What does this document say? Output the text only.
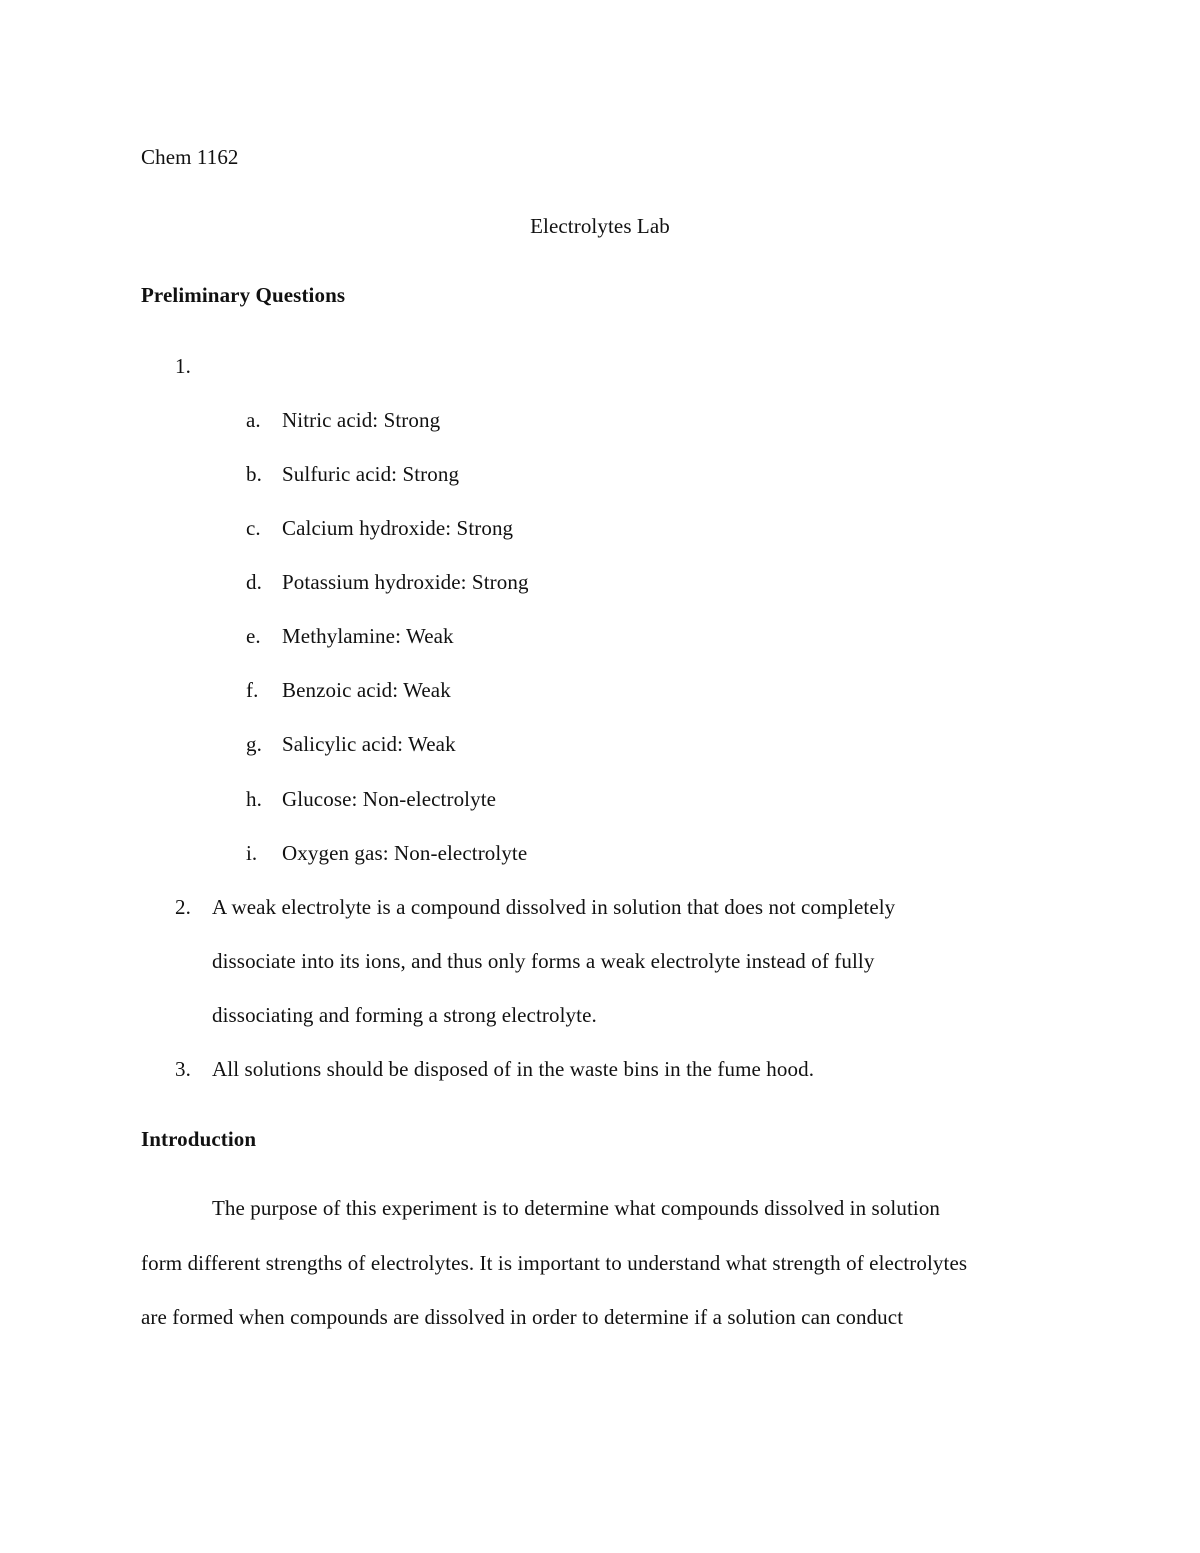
Chem 1162
Electrolytes Lab
Preliminary Questions
1.
a.	Nitric acid: Strong
b. Sulfuric acid: Strong
c.	Calcium hydroxide: Strong
d. Potassium hydroxide: Strong
e.	Methylamine: Weak
f.	Benzoic acid: Weak
g. Salicylic acid: Weak
h. Glucose: Non-electrolyte
i.	Oxygen gas: Non-electrolyte
2. A weak electrolyte is a compound dissolved in solution that does not completely
dissociate into its ions, and thus only forms a weak electrolyte instead of fully
dissociating and forming a strong electrolyte.
3. All solutions should be disposed of in the waste bins in the fume hood.
Introduction
The purpose of this experiment is to determine what compounds dissolved in solution
form different strengths of electrolytes. It is important to understand what strength of electrolytes
are formed when compounds are dissolved in order to determine if a solution can conduct
